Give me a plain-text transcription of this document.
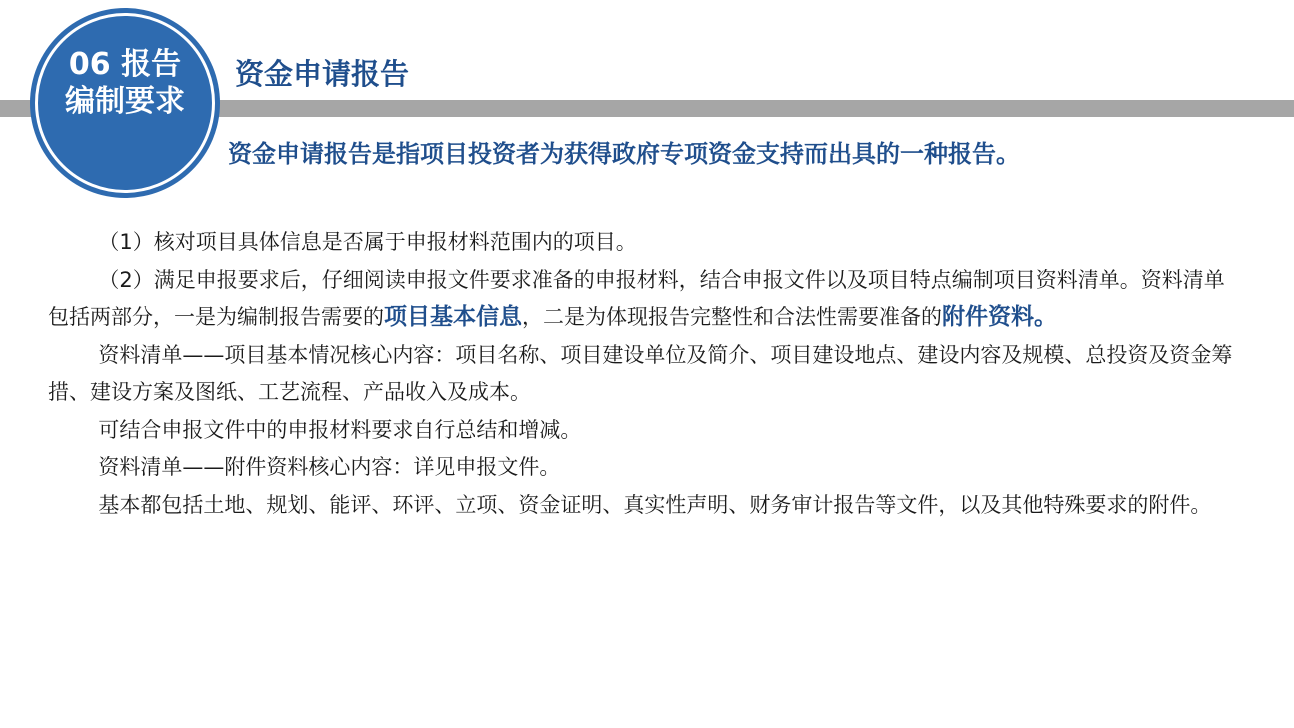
06 报告
编制要求
资金申请报告
资金申请报告是指项目投资者为获得政府专项资金支持而出具的一种报告。

（1）核对项目具体信息是否属于申报材料范围内的项目。

（2）满足申报要求后，仔细阅读申报文件要求准备的申报材料，结合申报文件以及项目特点编制项目资料清单。资料清单包括两部分，一是为编制报告需要的项目基本信息，二是为体现报告完整性和合法性需要准备的附件资料。

资料清单——项目基本情况核心内容：项目名称、项目建设单位及简介、项目建设地点、建设内容及规模、总投资及资金筹措、建设方案及图纸、工艺流程、产品收入及成本。

可结合申报文件中的申报材料要求自行总结和增减。

资料清单——附件资料核心内容：详见申报文件。

基本都包括土地、规划、能评、环评、立项、资金证明、真实性声明、财务审计报告等文件，以及其他特殊要求的附件。
